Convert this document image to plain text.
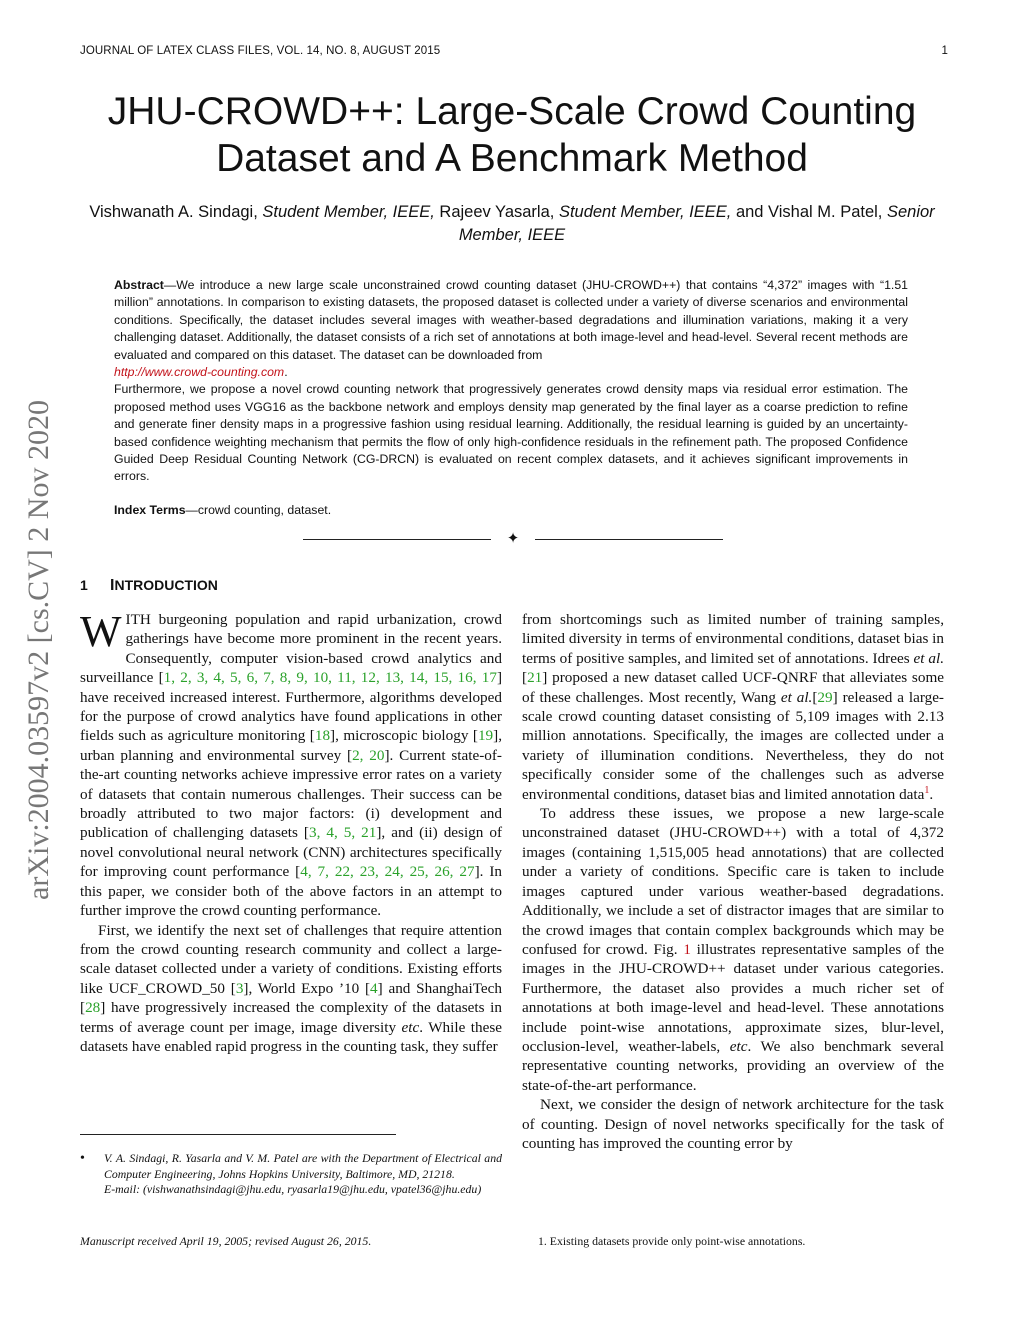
JOURNAL OF LATEX CLASS FILES, VOL. 14, NO. 8, AUGUST 2015	1
arXiv:2004.03597v2 [cs.CV] 2 Nov 2020
JHU-CROWD++: Large-Scale Crowd Counting Dataset and A Benchmark Method
Vishwanath A. Sindagi, Student Member, IEEE, Rajeev Yasarla, Student Member, IEEE, and Vishal M. Patel, Senior Member, IEEE

Abstract—We introduce a new large scale unconstrained crowd counting dataset (JHU-CROWD++) that contains “4,372” images with “1.51 million” annotations. In comparison to existing datasets, the proposed dataset is collected under a variety of diverse scenarios and environmental conditions. Specifically, the dataset includes several images with weather-based degradations and illumination variations, making it a very challenging dataset. Additionally, the dataset consists of a rich set of annotations at both image-level and head-level. Several recent methods are evaluated and compared on this dataset. The dataset can be downloaded from
http://www.crowd-counting.com.

Furthermore, we propose a novel crowd counting network that progressively generates crowd density maps via residual error estimation. The proposed method uses VGG16 as the backbone network and employs density map generated by the final layer as a coarse prediction to refine and generate finer density maps in a progressive fashion using residual learning. Additionally, the residual learning is guided by an uncertainty-based confidence weighting mechanism that permits the flow of only high-confidence residuals in the refinement path. The proposed Confidence Guided Deep Residual Counting Network (CG-DRCN) is evaluated on recent complex datasets, and it achieves significant improvements in errors.

Index Terms—crowd counting, dataset.
✦
1 INTRODUCTION

WITH burgeoning population and rapid urbanization, crowd gatherings have become more prominent in the recent years. Consequently, computer vision-based crowd analytics and surveillance [1, 2, 3, 4, 5, 6, 7, 8, 9, 10, 11, 12, 13, 14, 15, 16, 17] have received increased interest. Furthermore, algorithms developed for the purpose of crowd analytics have found applications in other fields such as agriculture monitoring [18], microscopic biology [19], urban planning and environmental survey [2, 20]. Current state-of-the-art counting networks achieve impressive error rates on a variety of datasets that contain numerous challenges. Their success can be broadly attributed to two major factors: (i) development and publication of challenging datasets [3, 4, 5, 21], and (ii) design of novel convolutional neural network (CNN) architectures specifically for improving count performance [4, 7, 22, 23, 24, 25, 26, 27]. In this paper, we consider both of the above factors in an attempt to further improve the crowd counting performance.

First, we identify the next set of challenges that require attention from the crowd counting research community and collect a large-scale dataset collected under a variety of conditions. Existing efforts like UCF_CROWD_50 [3], World Expo ’10 [4] and ShanghaiTech [28] have progressively increased the complexity of the datasets in terms of average count per image, image diversity etc. While these datasets have enabled rapid progress in the counting task, they suffer

from shortcomings such as limited number of training samples, limited diversity in terms of environmental conditions, dataset bias in terms of positive samples, and limited set of annotations. Idrees et al.[21] proposed a new dataset called UCF-QNRF that alleviates some of these challenges. Most recently, Wang et al.[29] released a large-scale crowd counting dataset consisting of 5,109 images with 2.13 million annotations. Specifically, the images are collected under a variety of illumination conditions. Nevertheless, they do not specifically consider some of the challenges such as adverse environmental conditions, dataset bias and limited annotation data$^1$.

To address these issues, we propose a new large-scale unconstrained dataset (JHU-CROWD++) with a total of 4,372 images (containing 1,515,005 head annotations) that are collected under a variety of conditions. Specific care is taken to include images captured under various weather-based degradations. Additionally, we include a set of distractor images that are similar to the crowd images that contain complex backgrounds which may be confused for crowd. Fig. 1 illustrates representative samples of the images in the JHU-CROWD++ dataset under various categories. Furthermore, the dataset also provides a much richer set of annotations at both image-level and head-level. These annotations include point-wise annotations, approximate sizes, blur-level, occlusion-level, weather-labels, etc. We also benchmark several representative counting networks, providing an overview of the state-of-the-art performance.

Next, we consider the design of network architecture for the task of counting. Design of novel networks specifically for the task of counting has improved the counting error by

• V. A. Sindagi, R. Yasarla and V. M. Patel are with the Department of Electrical and Computer Engineering, Johns Hopkins University, Baltimore, MD, 21218.
E-mail: (vishwanathsindagi@jhu.edu, ryasarla19@jhu.edu, vpatel36@jhu.edu)
Manuscript received April 19, 2005; revised August 26, 2015.	1. Existing datasets provide only point-wise annotations.
